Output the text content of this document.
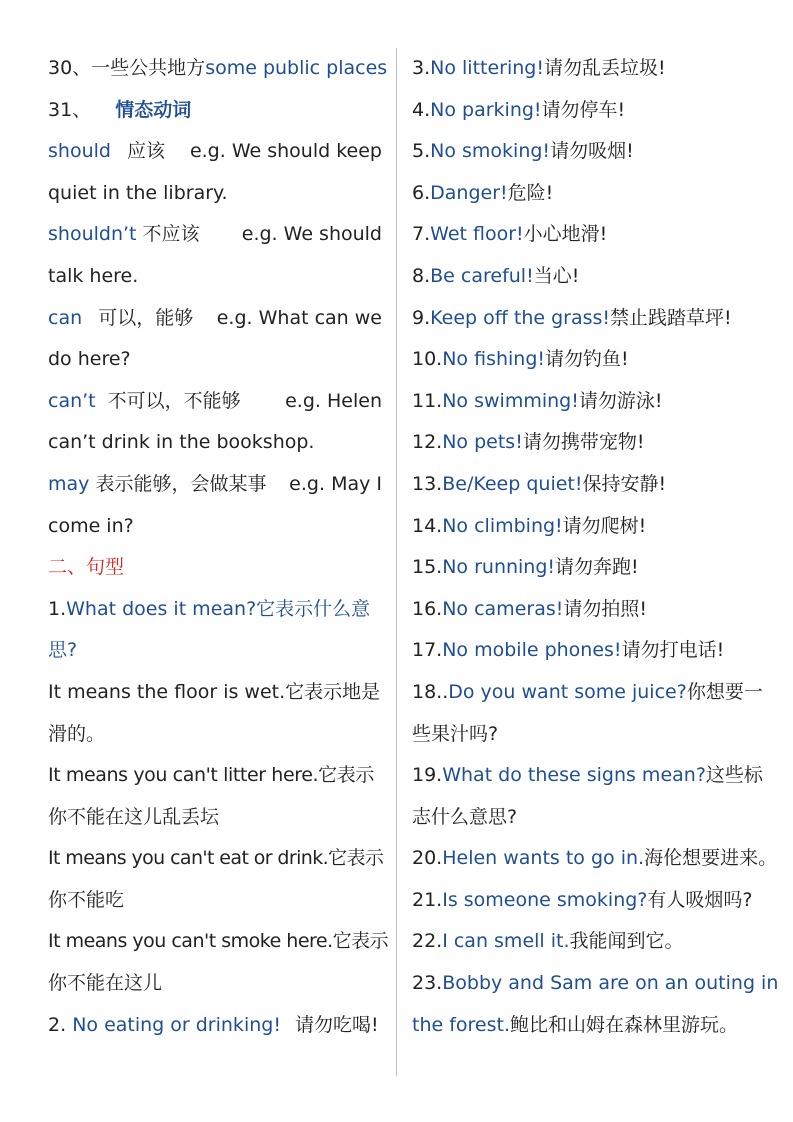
30、一些公共地方 some public places
31、 情态动词
should 应该 e.g. We should keep
quiet in the library.
shouldn’t 不应该 e.g. We should
talk here.
can 可以，能够 e.g. What can we
do here?
can’t 不可以，不能够 e.g. Helen
can’t drink in the bookshop.
may 表示能够，会做某事 e.g. May I
come in?
二、句型
1.What does it mean?它表示什么意
思?
It means the floor is wet.它表示地是
滑的。
It means you can't litter here.它表示
你不能在这儿乱丢坛
It means you can't eat or drink.它表示
你不能吃
It means you can't smoke here.它表示
你不能在这儿
2. No eating or drinking! 请勿吃喝!
3.No littering!请勿乱丢垃圾!
4.No parking!请勿停车!
5.No smoking!请勿吸烟!
6.Danger!危险!
7.Wet floor!小心地滑!
8.Be careful!当心!
9.Keep off the grass!禁止践踏草坪!
10.No fishing!请勿钓鱼!
11.No swimming!请勿游泳!
12.No pets!请勿携带宠物!
13.Be/Keep quiet!保持安静!
14.No climbing!请勿爬树!
15.No running!请勿奔跑!
16.No cameras!请勿拍照!
17.No mobile phones!请勿打电话!
18..Do you want some juice?你想要一
些果汁吗?
19.What do these signs mean?这些标
志什么意思?
20.Helen wants to go in.海伦想要进来。
21.Is someone smoking?有人吸烟吗?
22.I can smell it.我能闻到它。
23.Bobby and Sam are on an outing in
the forest.鲍比和山姆在森林里游玩。
